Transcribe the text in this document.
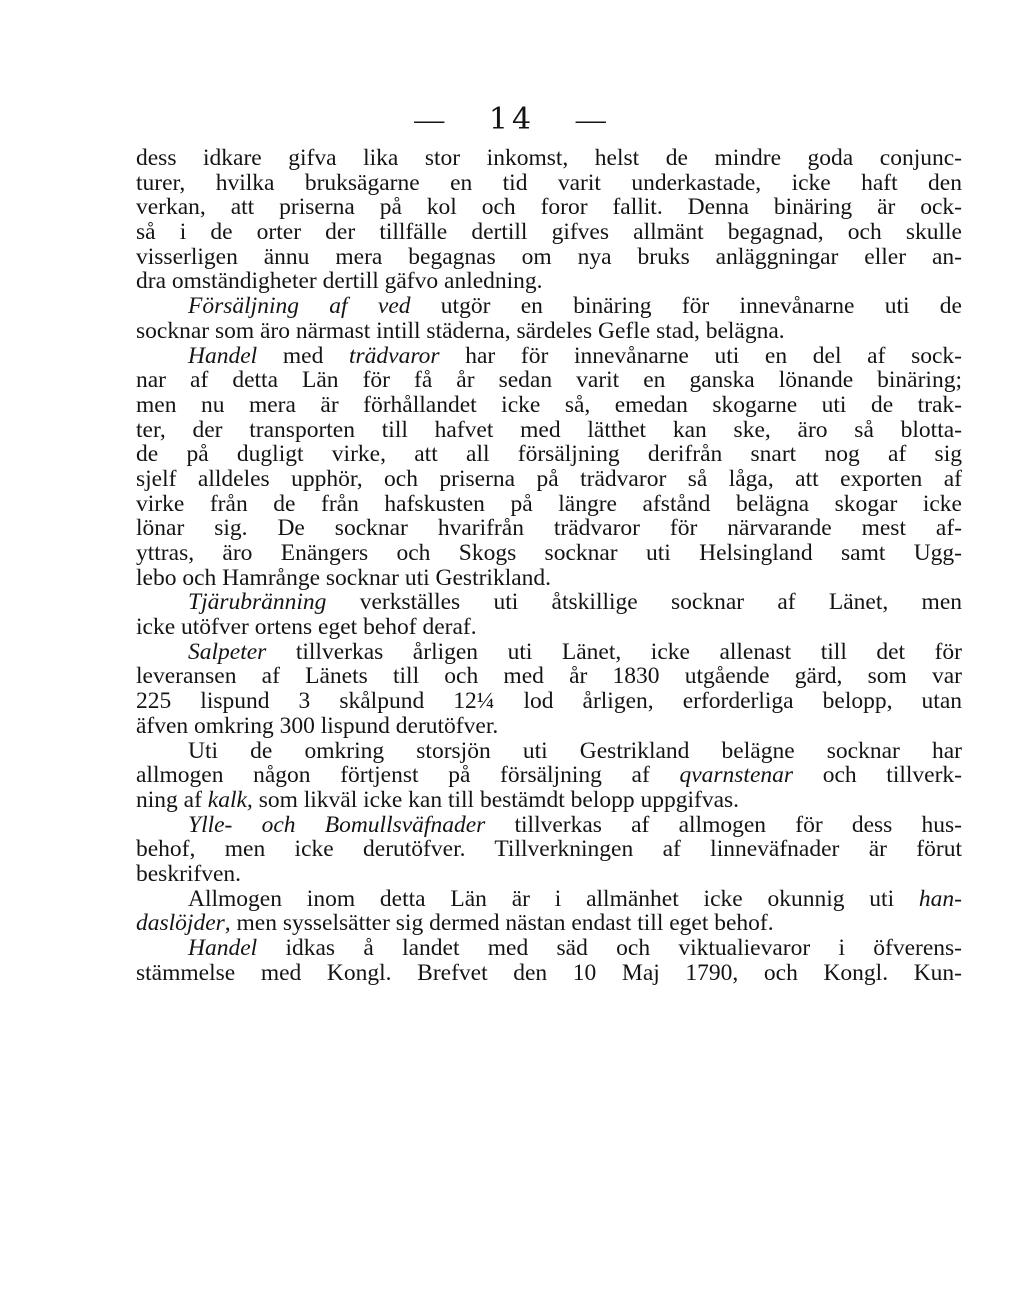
— 14 —
dess idkare gifva lika stor inkomst, helst de mindre goda conjunc-
turer, hvilka bruksägarne en tid varit underkastade, icke haft den
verkan, att priserna på kol och foror fallit. Denna binäring är ock-
så i de orter der tillfälle dertill gifves allmänt begagnad, och skulle
visserligen ännu mera begagnas om nya bruks anläggningar eller an-
dra omständigheter dertill gäfvo anledning.
Försäljning af ved utgör en binäring för innevånarne uti de
socknar som äro närmast intill städerna, särdeles Gefle stad, belägna.
Handel med trädvaror har för innevånarne uti en del af sock-
nar af detta Län för få år sedan varit en ganska lönande binäring;
men nu mera är förhållandet icke så, emedan skogarne uti de trak-
ter, der transporten till hafvet med lätthet kan ske, äro så blotta-
de på dugligt virke, att all försäljning derifrån snart nog af sig
sjelf alldeles upphör, och priserna på trädvaror så låga, att exporten af
virke från de från hafskusten på längre afstånd belägna skogar icke
lönar sig. De socknar hvarifrån trädvaror för närvarande mest af-
yttras, äro Enängers och Skogs socknar uti Helsingland samt Ugg-
lebo och Hamrånge socknar uti Gestrikland.
Tjärubränning verkställes uti åtskillige socknar af Länet, men
icke utöfver ortens eget behof deraf.
Salpeter tillverkas årligen uti Länet, icke allenast till det för
leveransen af Länets till och med år 1830 utgående gärd, som var
225 lispund 3 skålpund 12¼ lod årligen, erforderliga belopp, utan
äfven omkring 300 lispund derutöfver.
Uti de omkring storsjön uti Gestrikland belägne socknar har
allmogen någon förtjenst på försäljning af qvarnstenar och tillverk-
ning af kalk, som likväl icke kan till bestämdt belopp uppgifvas.
Ylle- och Bomullsväfnader tillverkas af allmogen för dess hus-
behof, men icke derutöfver. Tillverkningen af linneväfnader är förut
beskrifven.
Allmogen inom detta Län är i allmänhet icke okunnig uti han-
daslöjder, men sysselsätter sig dermed nästan endast till eget behof.
Handel idkas å landet med säd och viktualievaror i öfverens-
stämmelse med Kongl. Brefvet den 10 Maj 1790, och Kongl. Kun-
